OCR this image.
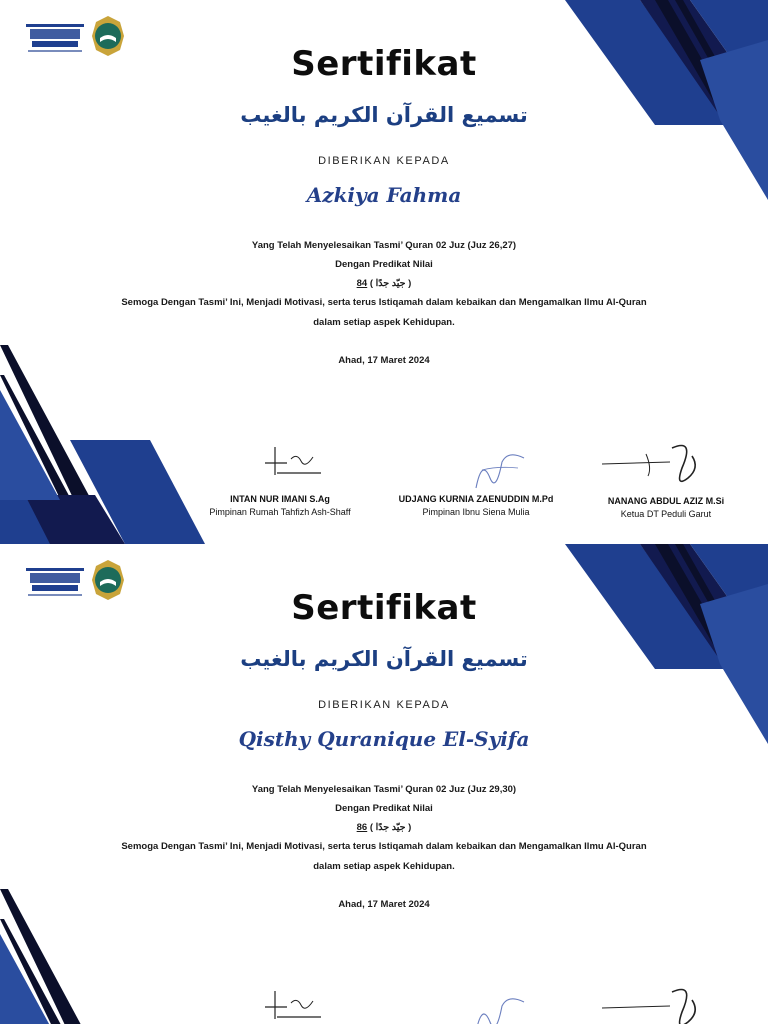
Sertifikat
تسميع القرآن الكريم بالغيب
DIBERIKAN KEPADA
Azkiya Fahma
Yang Telah Menyelesaikan Tasmi’ Quran 02 Juz (Juz 26,27)
Dengan Predikat Nilai
84 ( جيّد جدًا )
Semoga Dengan Tasmi’ Ini, Menjadi Motivasi, serta terus Istiqamah dalam kebaikan dan Mengamalkan Ilmu Al-Quran
dalam setiap aspek Kehidupan.
Ahad, 17 Maret 2024
INTAN NUR IMANI S.Ag
Pimpinan Rumah Tahfizh Ash-Shaff
UDJANG KURNIA ZAENUDDIN M.Pd
Pimpinan Ibnu Siena Mulia
NANANG ABDUL AZIZ M.Si
Ketua DT Peduli Garut
Sertifikat
تسميع القرآن الكريم بالغيب
DIBERIKAN KEPADA
Qisthy Quranique El-Syifa
Yang Telah Menyelesaikan Tasmi’ Quran 02 Juz (Juz 29,30)
Dengan Predikat Nilai
86 ( جيّد جدًا )
Semoga Dengan Tasmi’ Ini, Menjadi Motivasi, serta terus Istiqamah dalam kebaikan dan Mengamalkan Ilmu Al-Quran
dalam setiap aspek Kehidupan.
Ahad, 17 Maret 2024
